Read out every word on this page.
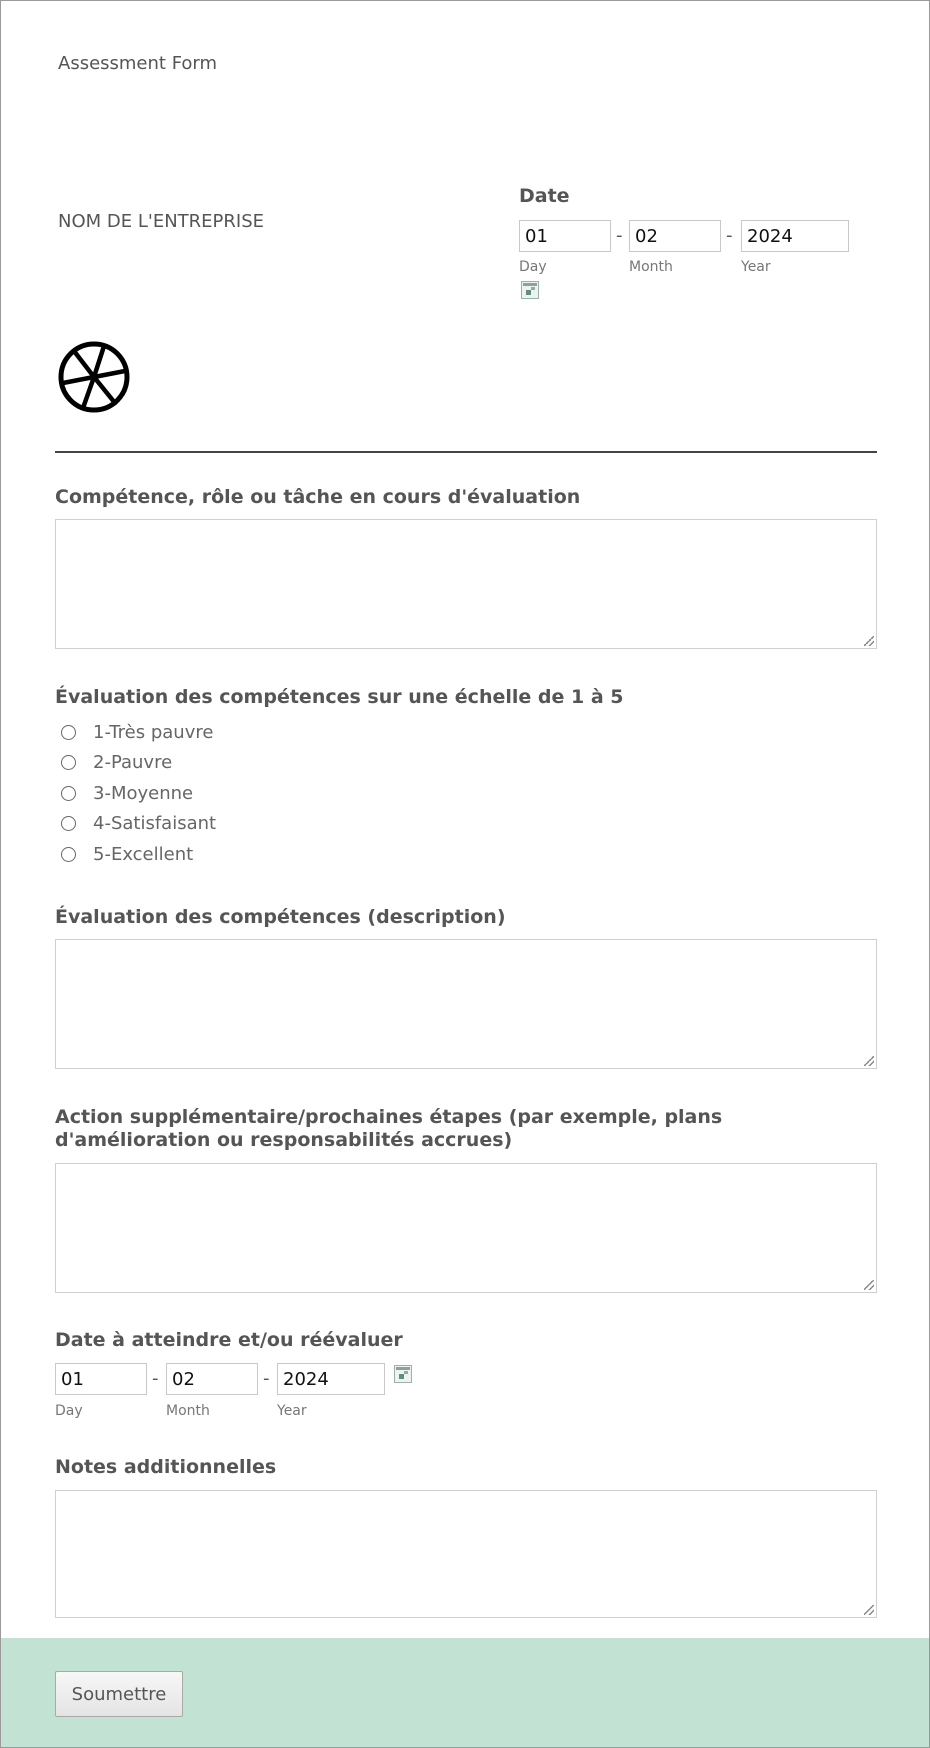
Assessment Form
NOM DE L'ENTREPRISE
Date
01
-
02	-
2024
Day	Month	Year
Compétence, rôle ou tâche en cours d'évaluation
Évaluation des compétences sur une échelle de 1 à 5
1-Très pauvre
2-Pauvre
3-Moyenne
4-Satisfaisant
5-Excellent
Évaluation des compétences (description)
Action supplémentaire/prochaines étapes (par exemple, plans d'amélioration ou responsabilités accrues)
Date à atteindre et/ou réévaluer
01
-
02	-
2024
Day	Month	Year
Notes additionnelles
Soumettre
